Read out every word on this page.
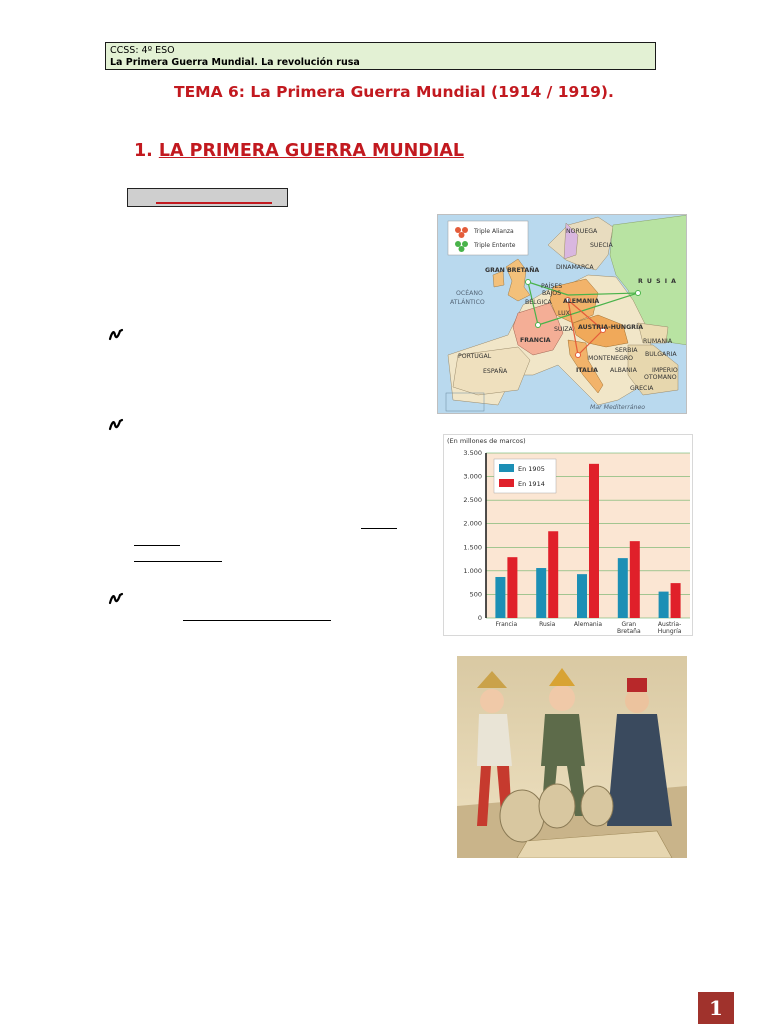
CCSS: 4º ESO
La Primera Guerra Mundial. La revolución rusa
TEMA 6: La Primera Guerra Mundial (1914 / 1919).
1. LA PRIMERA GUERRA MUNDIAL
Triple Alianza
Triple Entente
NORUEGA
SUECIA
DINAMARCA
GRAN BRETAÑA
R U S I A
OCÉANO
ATLÁNTICO
PAÍSES
BAJOS
BÉLGICA ALEMANIA
LUX.
FRANCIA
SUIZA AUSTRIA-HUNGRÍA
RUMANIA
SERBIA
BULGARIA
MONTENEGRO
PORTUGAL
ESPAÑA	ITALIA ALBANIA IMPERIO
OTOMANO
GRECIA
Mar Mediterráneo
0
500
1.000
1.500
2.000
2.500
3.000
3.500
Francia	Rusia	Alemania	Gran
Bretaña
Austria-
Hungría
(En millones de marcos)
En 1905
En 1914
1
